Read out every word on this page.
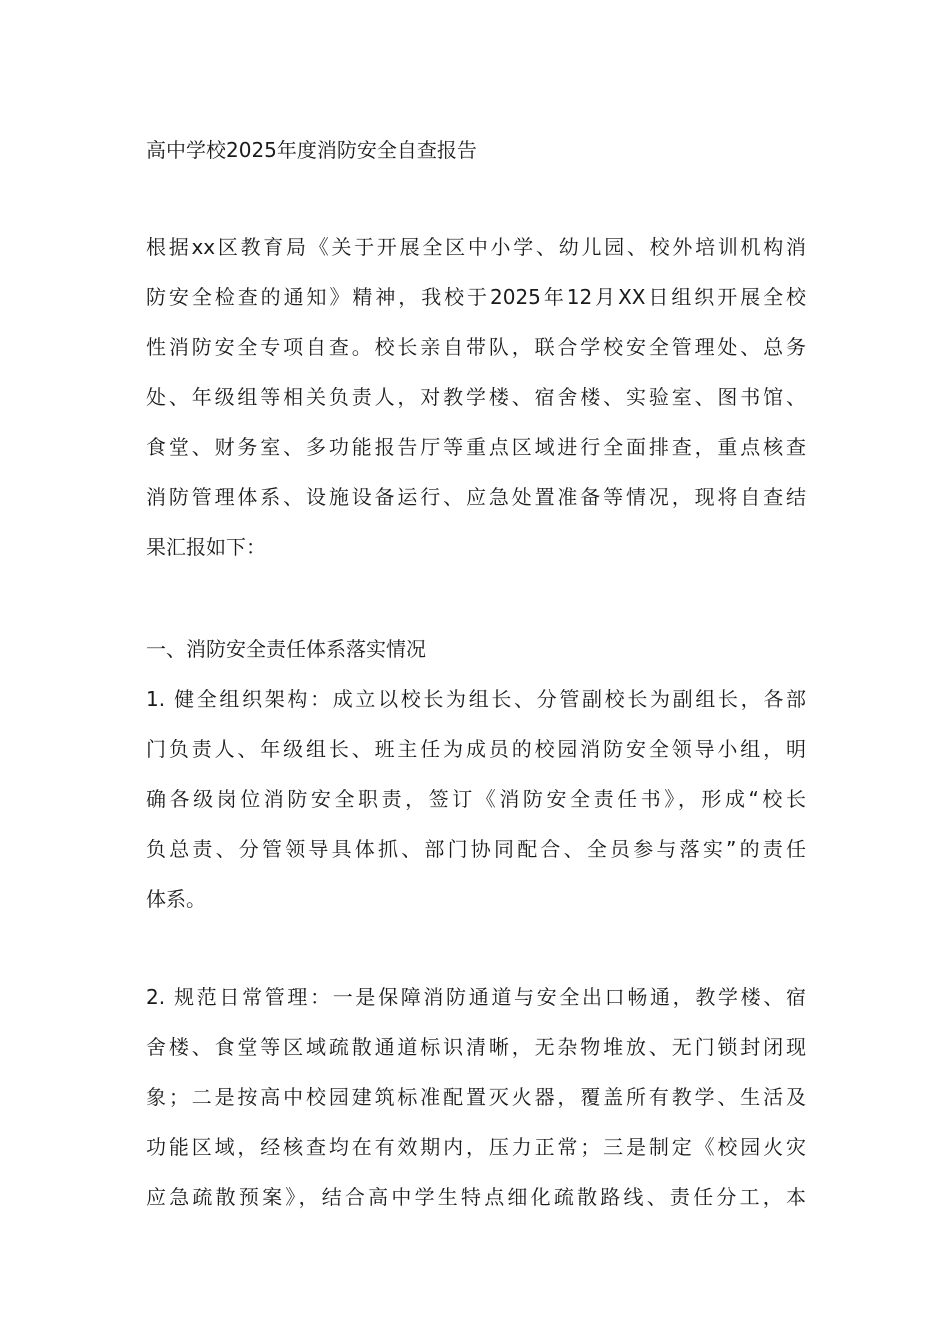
高中学校2025年度消防安全自查报告
根据xx区教育局《关于开展全区中小学、幼儿园、校外培训机构消
防安全检查的通知》精神，我校于2025年12月XX日组织开展全校
性消防安全专项自查。校长亲自带队，联合学校安全管理处、总务
处、年级组等相关负责人，对教学楼、宿舍楼、实验室、图书馆、
食堂、财务室、多功能报告厅等重点区域进行全面排查，重点核查
消防管理体系、设施设备运行、应急处置准备等情况，现将自查结
果汇报如下：
一、消防安全责任体系落实情况
1. 健全组织架构：成立以校长为组长、分管副校长为副组长，各部
门负责人、年级组长、班主任为成员的校园消防安全领导小组，明
确各级岗位消防安全职责，签订《消防安全责任书》，形成“校长
负总责、分管领导具体抓、部门协同配合、全员参与落实”的责任
体系。
2. 规范日常管理：一是保障消防通道与安全出口畅通，教学楼、宿
舍楼、食堂等区域疏散通道标识清晰，无杂物堆放、无门锁封闭现
象；二是按高中校园建筑标准配置灭火器，覆盖所有教学、生活及
功能区域，经核查均在有效期内，压力正常；三是制定《校园火灾
应急疏散预案》，结合高中学生特点细化疏散路线、责任分工，本
